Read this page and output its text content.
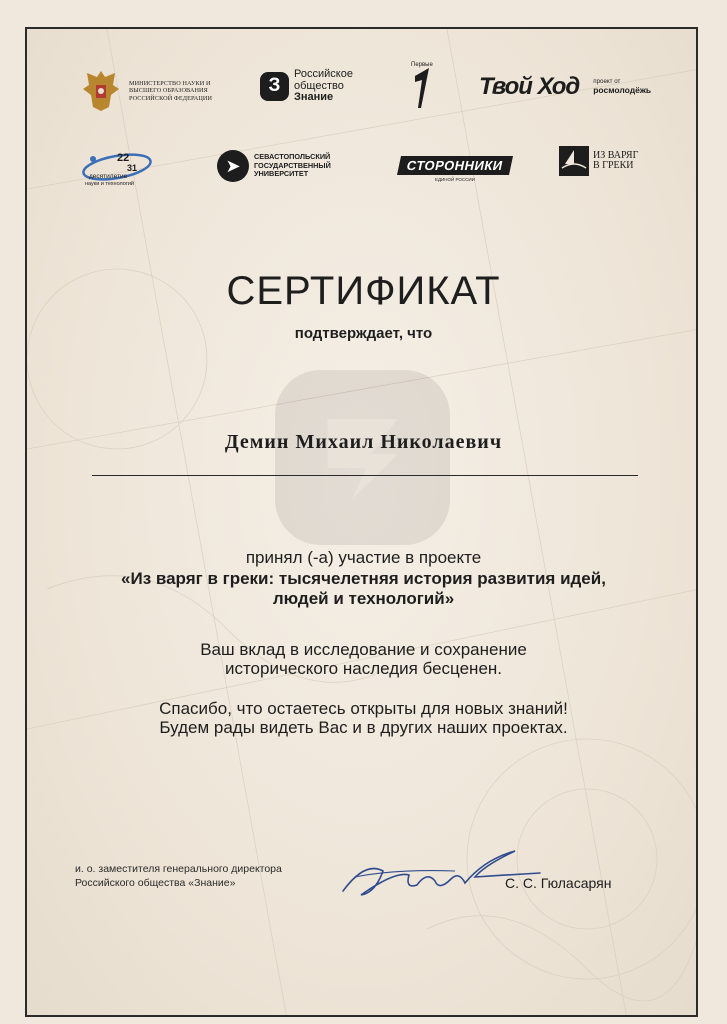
МИНИСТЕРСТВО НАУКИ И ВЫСШЕГО ОБРАЗОВАНИЯ РОССИЙСКОЙ ФЕДЕРАЦИИ
З
Российское
общество
Знание
Первые
Твой Ход проект от
росмолодёжь
22
31
десятилетие
науки и технологий
➤	СЕВАСТОПОЛЬСКИЙ
ГОСУДАРСТВЕННЫЙ
УНИВЕРСИТЕТ
СТОРОННИКИ
ЕДИНОЙ РОССИИ
ИЗ ВАРЯГ
В ГРЕКИ
СЕРТИФИКАТ
подтверждает, что
Демин Михаил Николаевич
принял (-а) участие в проекте
«Из варяг в греки: тысячелетняя история развития идей,
людей и технологий»
Ваш вклад в исследование и сохранение
исторического наследия бесценен.
Спасибо, что остаетесь открыты для новых знаний!
Будем рады видеть Вас и в других наших проектах.
и. о. заместителя генерального директора
Российского общества «Знание»	С. С. Гюласарян
